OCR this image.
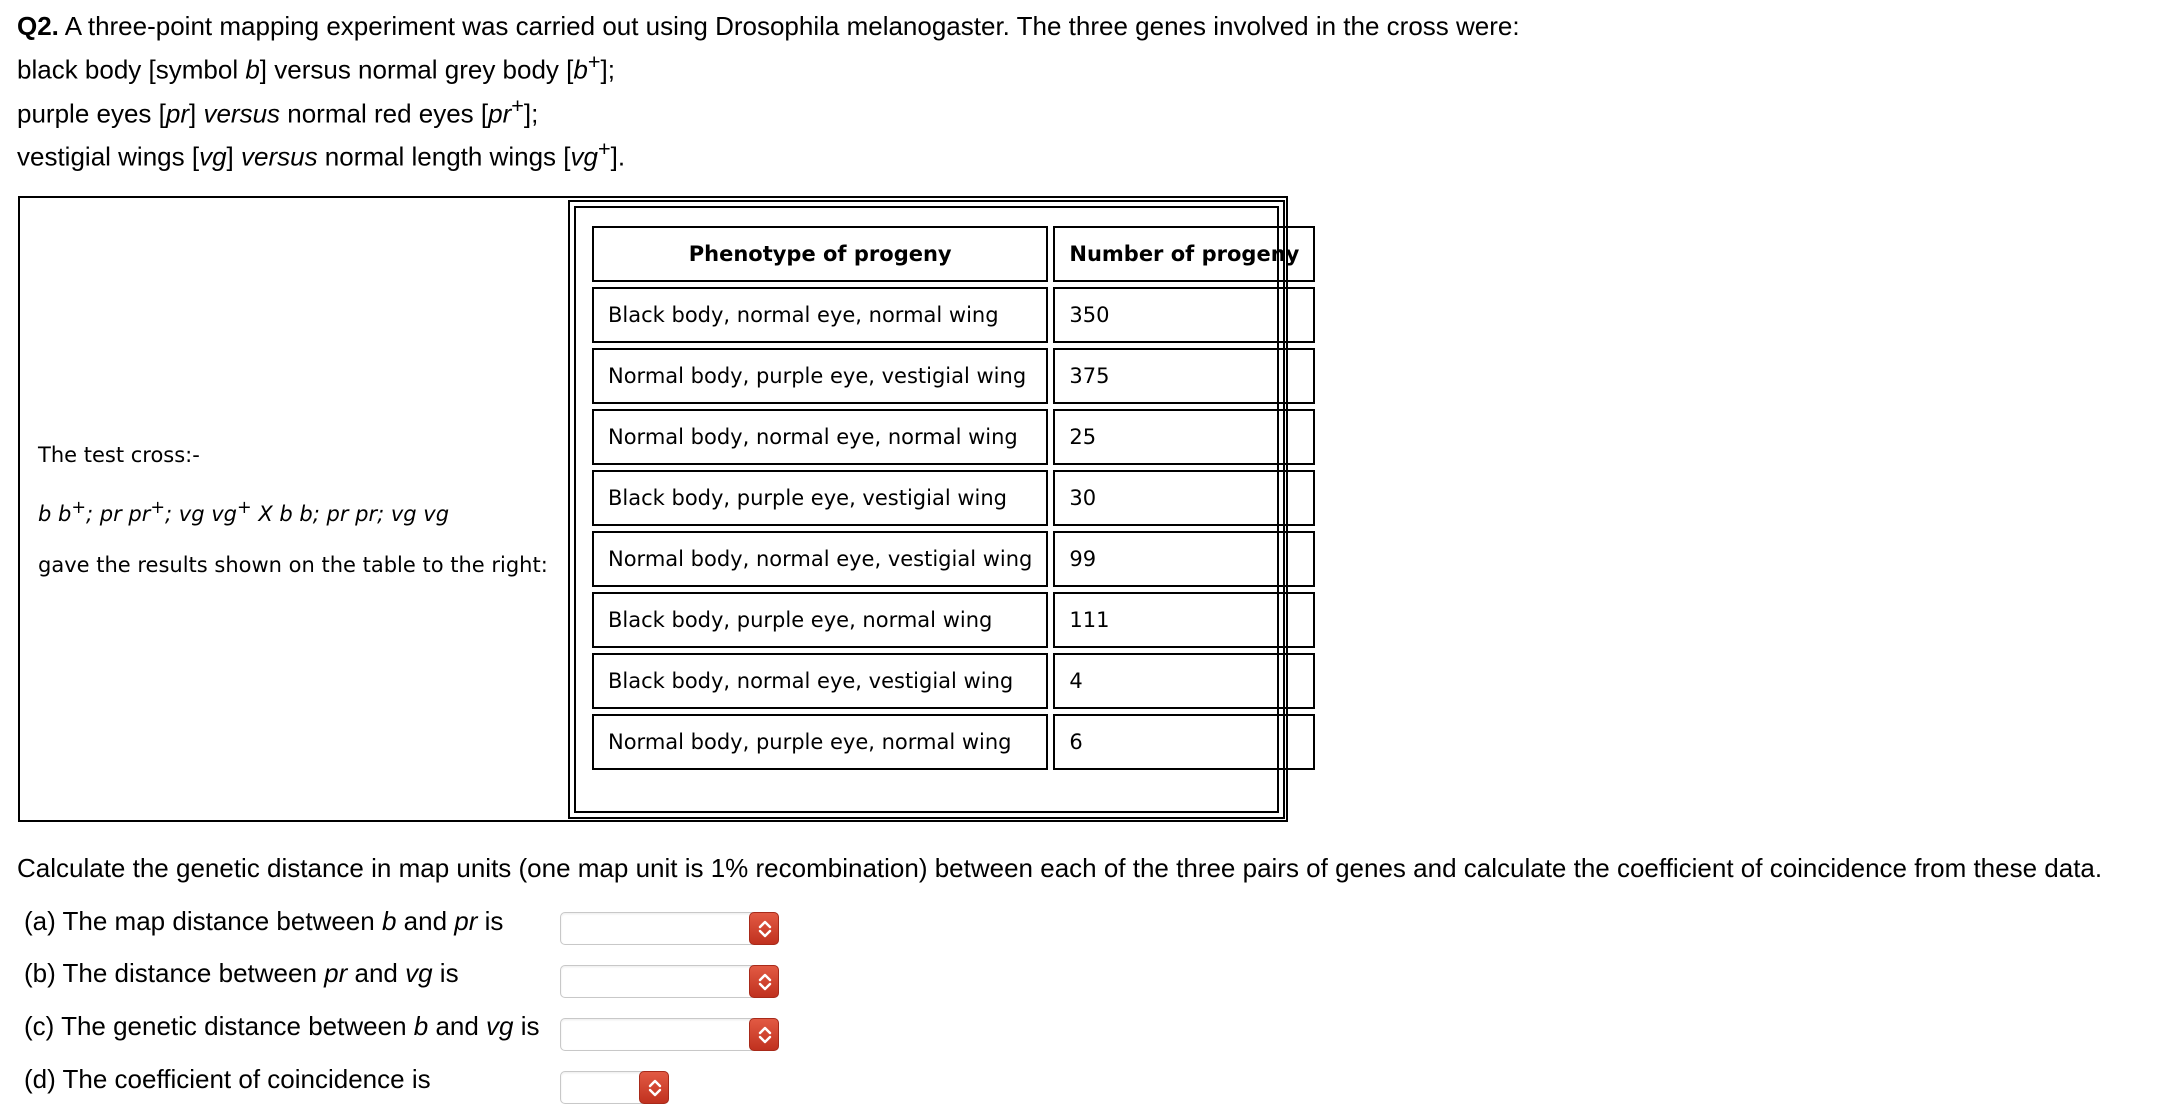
Q2. A three-point mapping experiment was carried out using Drosophila melanogaster. The three genes involved in the cross were:
black body [symbol b] versus normal grey body [b+];
purple eyes [pr] versus normal red eyes [pr+];
vestigial wings [vg] versus normal length wings [vg+].
The test cross:-
b b+; pr pr+; vg vg+ X b b; pr pr; vg vg
gave the results shown on the table to the right:
Phenotype of progeny	Number of progeny
Black body, normal eye, normal wing	350
Normal body, purple eye, vestigial wing	375
Normal body, normal eye, normal wing	25
Black body, purple eye, vestigial wing	30
Normal body, normal eye, vestigial wing	99
Black body, purple eye, normal wing	111
Black body, normal eye, vestigial wing	4
Normal body, purple eye, normal wing	6
Calculate the genetic distance in map units (one map unit is 1% recombination) between each of the three pairs of genes and calculate the coefficient of coincidence from these data.
(a) The map distance between b and pr is
(b) The distance between pr and vg is
(c) The genetic distance between b and vg is
(d) The coefficient of coincidence is
